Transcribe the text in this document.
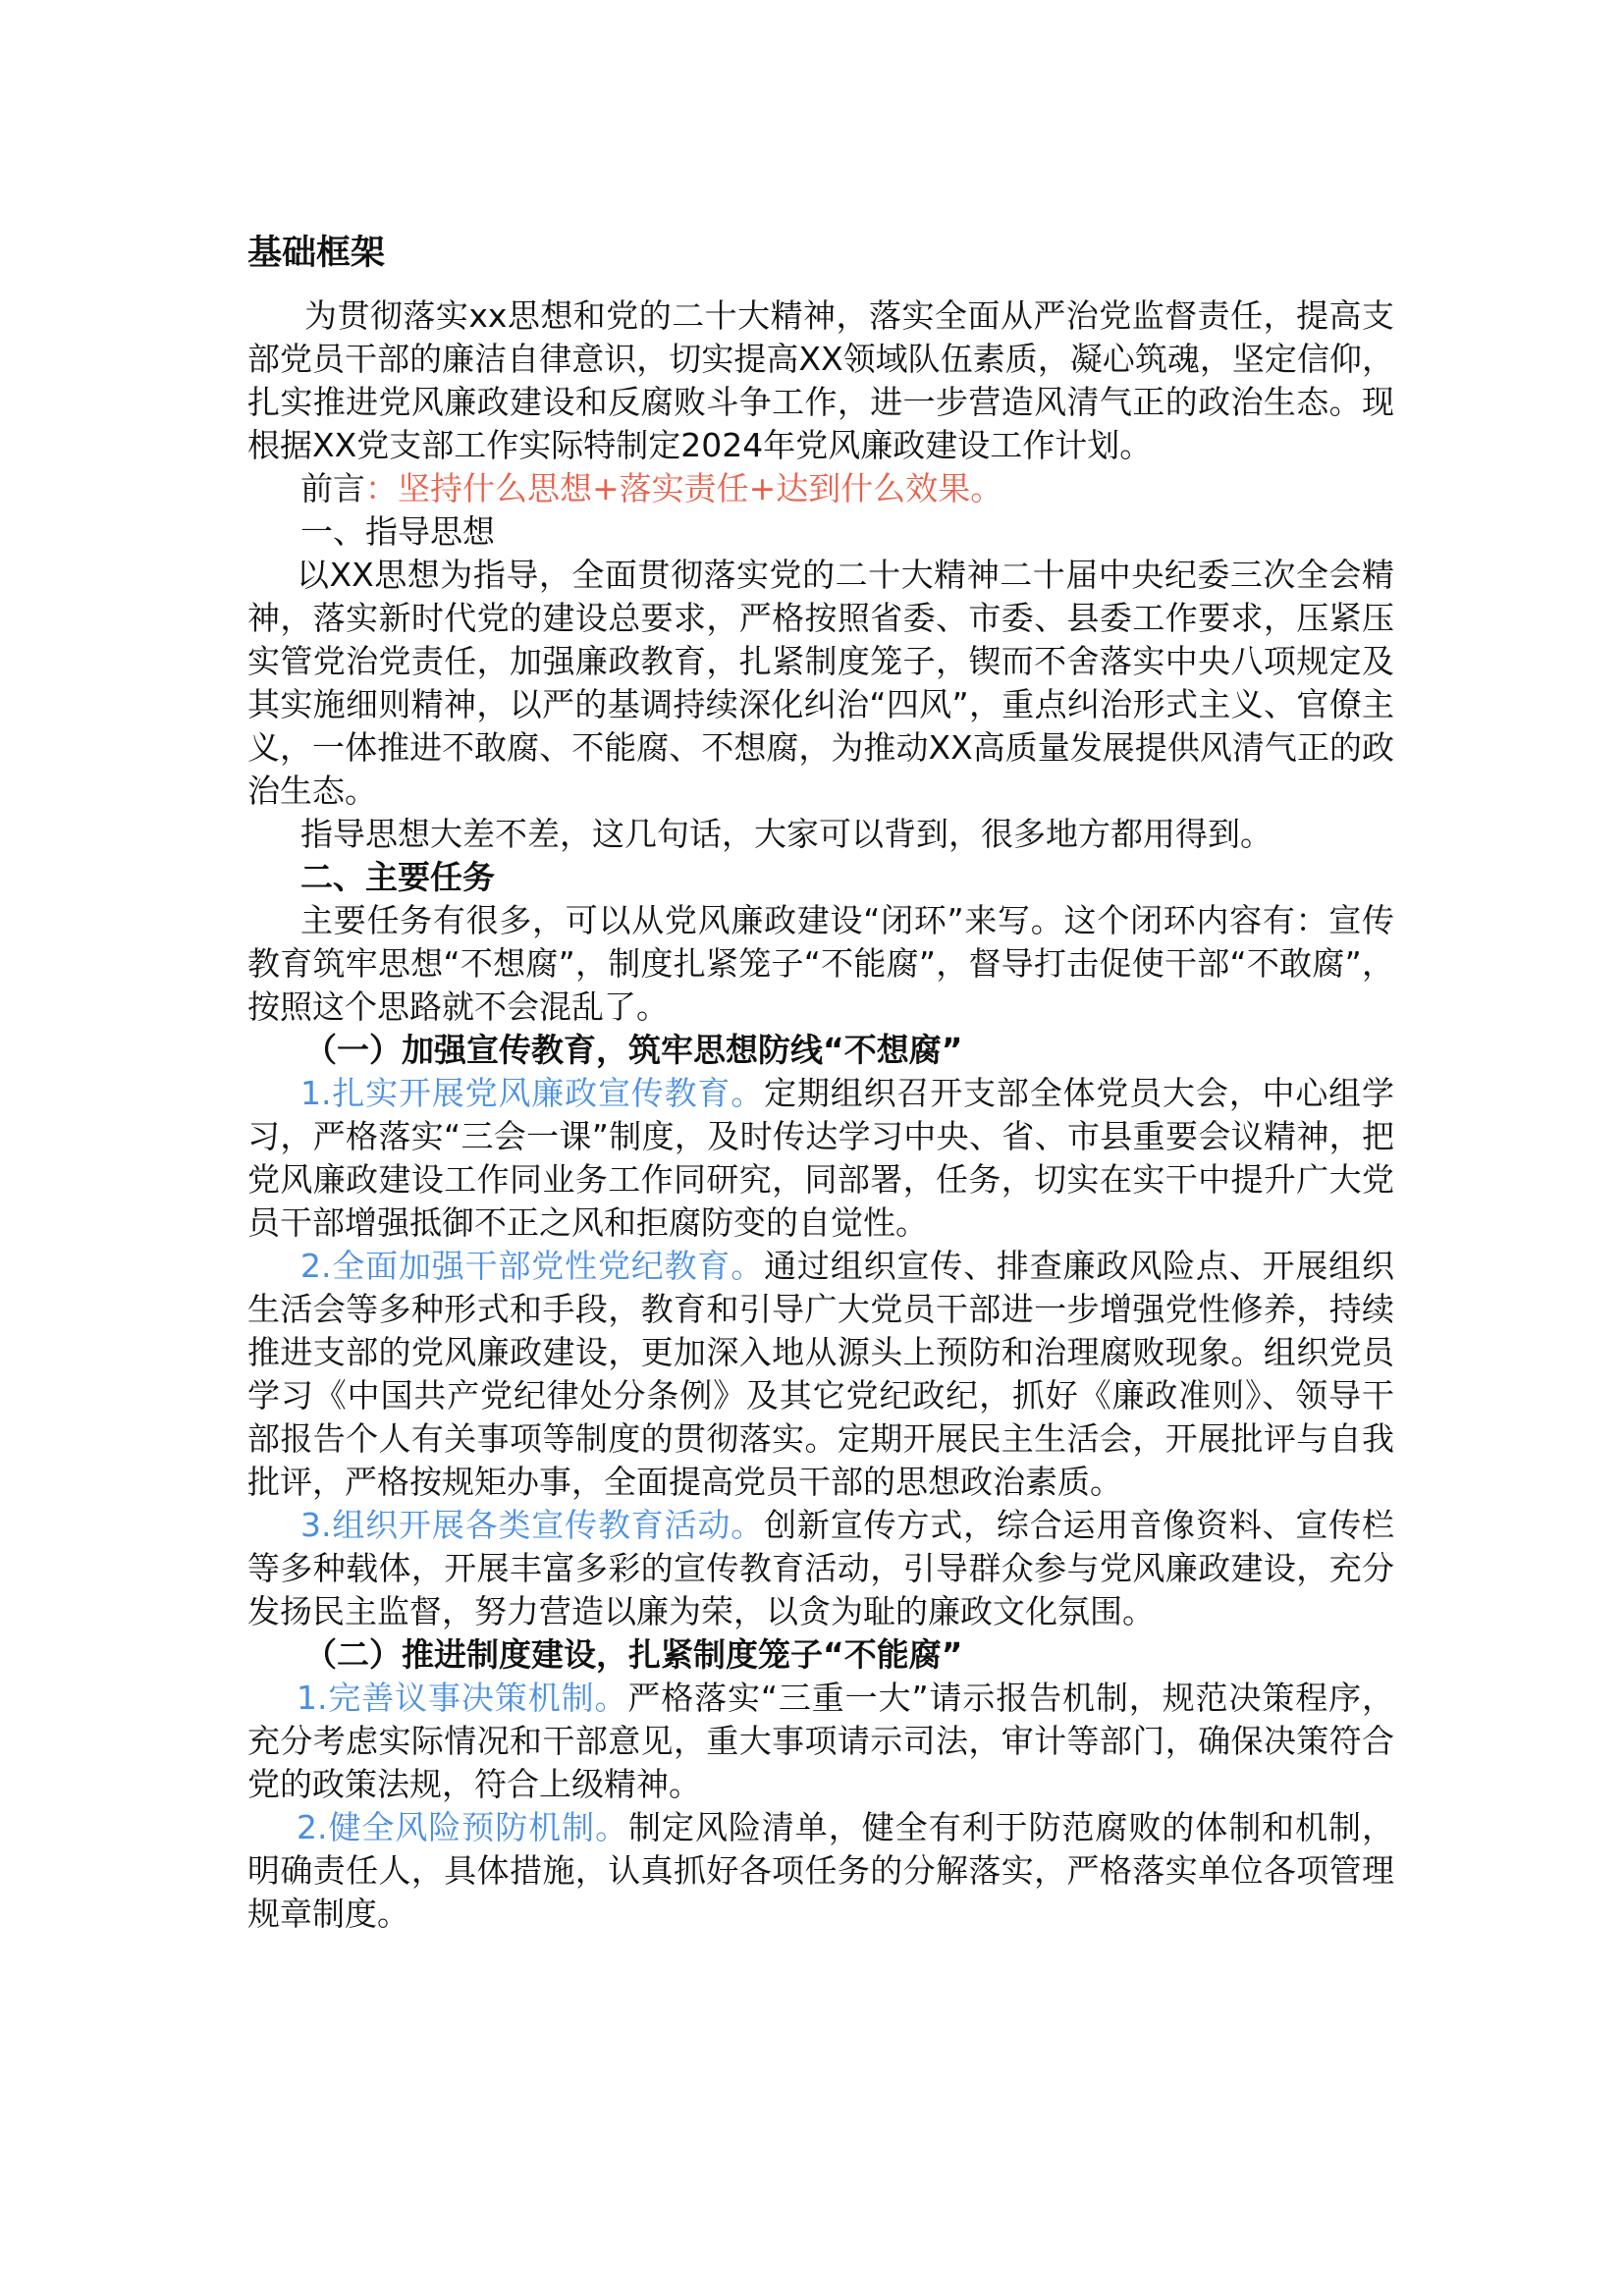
基础框架

为贯彻落实xx思想和党的二十大精神，落实全面从严治党监督责任，提高支部党员干部的廉洁自律意识，切实提高XX领域队伍素质，凝心筑魂，坚定信仰，扎实推进党风廉政建设和反腐败斗争工作，进一步营造风清气正的政治生态。现根据XX党支部工作实际特制定2024年党风廉政建设工作计划。

前言：坚持什么思想+落实责任+达到什么效果。

一、指导思想

以XX思想为指导，全面贯彻落实党的二十大精神二十届中央纪委三次全会精神，落实新时代党的建设总要求，严格按照省委、市委、县委工作要求，压紧压实管党治党责任，加强廉政教育，扎紧制度笼子，锲而不舍落实中央八项规定及其实施细则精神，以严的基调持续深化纠治“四风”，重点纠治形式主义、官僚主义，一体推进不敢腐、不能腐、不想腐，为推动XX高质量发展提供风清气正的政治生态。

指导思想大差不差，这几句话，大家可以背到，很多地方都用得到。

二、主要任务

主要任务有很多，可以从党风廉政建设“闭环”来写。这个闭环内容有：宣传教育筑牢思想“不想腐”，制度扎紧笼子“不能腐”，督导打击促使干部“不敢腐”，按照这个思路就不会混乱了。

（一）加强宣传教育，筑牢思想防线“不想腐”

1.扎实开展党风廉政宣传教育。定期组织召开支部全体党员大会，中心组学习，严格落实“三会一课”制度，及时传达学习中央、省、市县重要会议精神，把党风廉政建设工作同业务工作同研究，同部署，任务，切实在实干中提升广大党员干部增强抵御不正之风和拒腐防变的自觉性。

2.全面加强干部党性党纪教育。通过组织宣传、排查廉政风险点、开展组织生活会等多种形式和手段，教育和引导广大党员干部进一步增强党性修养，持续推进支部的党风廉政建设，更加深入地从源头上预防和治理腐败现象。组织党员学习《中国共产党纪律处分条例》及其它党纪政纪，抓好《廉政准则》、领导干部报告个人有关事项等制度的贯彻落实。定期开展民主生活会，开展批评与自我批评，严格按规矩办事，全面提高党员干部的思想政治素质。

3.组织开展各类宣传教育活动。创新宣传方式，综合运用音像资料、宣传栏等多种载体，开展丰富多彩的宣传教育活动，引导群众参与党风廉政建设，充分发扬民主监督，努力营造以廉为荣，以贪为耻的廉政文化氛围。

（二）推进制度建设，扎紧制度笼子“不能腐”

1.完善议事决策机制。严格落实“三重一大”请示报告机制，规范决策程序，充分考虑实际情况和干部意见，重大事项请示司法，审计等部门，确保决策符合党的政策法规，符合上级精神。

2.健全风险预防机制。制定风险清单，健全有利于防范腐败的体制和机制，明确责任人，具体措施，认真抓好各项任务的分解落实，严格落实单位各项管理规章制度。
